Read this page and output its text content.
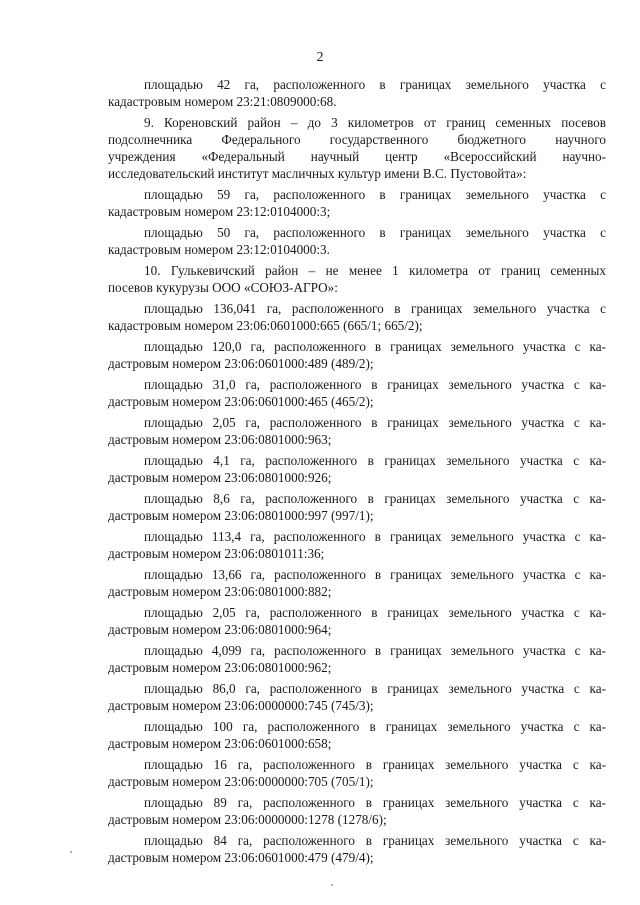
2
площадью 42 га, расположенного в границах земельного участка с
кадастровым номером 23:21:0809000:68.
9. Кореновский район – до 3 километров от границ семенных посевов
подсолнечника Федерального государственного бюджетного научного
учреждения «Федеральный научный центр «Всероссийский научно-
исследовательский институт масличных культур имени В.С. Пустовойта»:
площадью 59 га, расположенного в границах земельного участка с
кадастровым номером 23:12:0104000:3;
площадью 50 га, расположенного в границах земельного участка с
кадастровым номером 23:12:0104000:3.
10. Гулькевичский район – не менее 1 километра от границ семенных
посевов кукурузы ООО «СОЮЗ-АГРО»:
площадью 136,041 га, расположенного в границах земельного участка с
кадастровым номером 23:06:0601000:665 (665/1; 665/2);
площадью 120,0 га, расположенного в границах земельного участка с ка-
дастровым номером 23:06:0601000:489 (489/2);
площадью 31,0 га, расположенного в границах земельного участка с ка-
дастровым номером 23:06:0601000:465 (465/2);
площадью 2,05 га, расположенного в границах земельного участка с ка-
дастровым номером 23:06:0801000:963;
площадью 4,1 га, расположенного в границах земельного участка с ка-
дастровым номером 23:06:0801000:926;
площадью 8,6 га, расположенного в границах земельного участка с ка-
дастровым номером 23:06:0801000:997 (997/1);
площадью 113,4 га, расположенного в границах земельного участка с ка-
дастровым номером 23:06:0801011:36;
площадью 13,66 га, расположенного в границах земельного участка с ка-
дастровым номером 23:06:0801000:882;
площадью 2,05 га, расположенного в границах земельного участка с ка-
дастровым номером 23:06:0801000:964;
площадью 4,099 га, расположенного в границах земельного участка с ка-
дастровым номером 23:06:0801000:962;
площадью 86,0 га, расположенного в границах земельного участка с ка-
дастровым номером 23:06:0000000:745 (745/3);
площадью 100 га, расположенного в границах земельного участка с ка-
дастровым номером 23:06:0601000:658;
площадью 16 га, расположенного в границах земельного участка с ка-
дастровым номером 23:06:0000000:705 (705/1);
площадью 89 га, расположенного в границах земельного участка с ка-
дастровым номером 23:06:0000000:1278 (1278/6);
площадью 84 га, расположенного в границах земельного участка с ка-
дастровым номером 23:06:0601000:479 (479/4);
